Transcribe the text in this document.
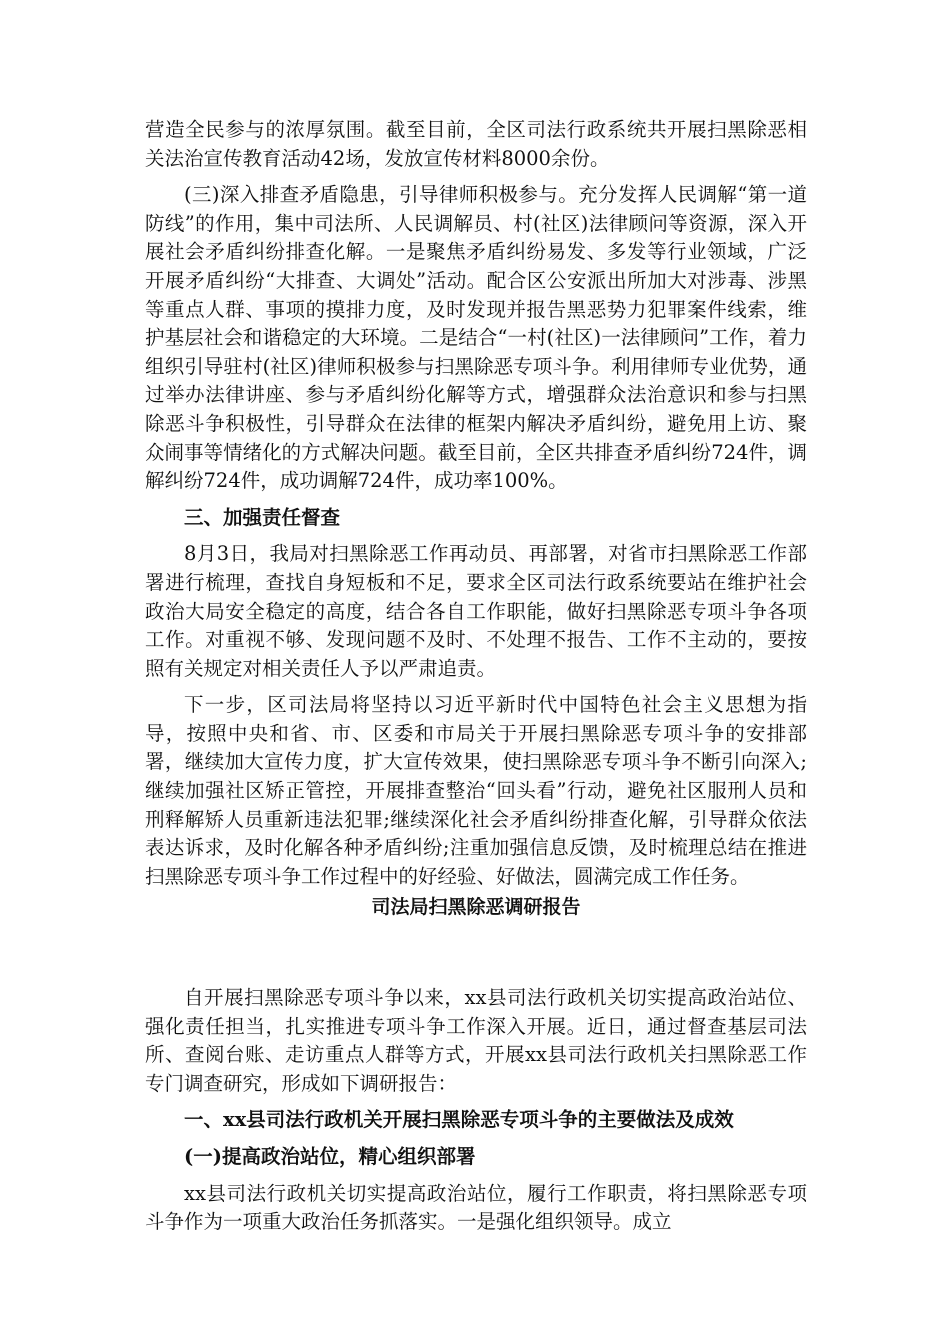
营造全民参与的浓厚氛围。截至目前，全区司法行政系统共开展扫黑除恶相关法治宣传教育活动42场，发放宣传材料8000余份。

(三)深入排查矛盾隐患，引导律师积极参与。充分发挥人民调解“第一道防线”的作用，集中司法所、人民调解员、村(社区)法律顾问等资源，深入开展社会矛盾纠纷排查化解。一是聚焦矛盾纠纷易发、多发等行业领域，广泛开展矛盾纠纷“大排查、大调处”活动。配合区公安派出所加大对涉毒、涉黑等重点人群、事项的摸排力度，及时发现并报告黑恶势力犯罪案件线索，维护基层社会和谐稳定的大环境。二是结合“一村(社区)一法律顾问”工作，着力组织引导驻村(社区)律师积极参与扫黑除恶专项斗争。利用律师专业优势，通过举办法律讲座、参与矛盾纠纷化解等方式，增强群众法治意识和参与扫黑除恶斗争积极性，引导群众在法律的框架内解决矛盾纠纷，避免用上访、聚众闹事等情绪化的方式解决问题。截至目前，全区共排查矛盾纠纷724件，调解纠纷724件，成功调解724件，成功率100%。

三、加强责任督查

8月3日，我局对扫黑除恶工作再动员、再部署，对省市扫黑除恶工作部署进行梳理，查找自身短板和不足，要求全区司法行政系统要站在维护社会政治大局安全稳定的高度，结合各自工作职能，做好扫黑除恶专项斗争各项工作。对重视不够、发现问题不及时、不处理不报告、工作不主动的，要按照有关规定对相关责任人予以严肃追责。

下一步，区司法局将坚持以习近平新时代中国特色社会主义思想为指导，按照中央和省、市、区委和市局关于开展扫黑除恶专项斗争的安排部署，继续加大宣传力度，扩大宣传效果，使扫黑除恶专项斗争不断引向深入;继续加强社区矫正管控，开展排查整治“回头看”行动，避免社区服刑人员和刑释解矫人员重新违法犯罪;继续深化社会矛盾纠纷排查化解，引导群众依法表达诉求，及时化解各种矛盾纠纷;注重加强信息反馈，及时梳理总结在推进扫黑除恶专项斗争工作过程中的好经验、好做法，圆满完成工作任务。

司法局扫黑除恶调研报告

自开展扫黑除恶专项斗争以来，xx县司法行政机关切实提高政治站位、强化责任担当，扎实推进专项斗争工作深入开展。近日，通过督查基层司法所、查阅台账、走访重点人群等方式，开展xx县司法行政机关扫黑除恶工作专门调查研究，形成如下调研报告：

一、xx县司法行政机关开展扫黑除恶专项斗争的主要做法及成效

(一)提高政治站位，精心组织部署

xx县司法行政机关切实提高政治站位，履行工作职责，将扫黑除恶专项斗争作为一项重大政治任务抓落实。一是强化组织领导。成立
